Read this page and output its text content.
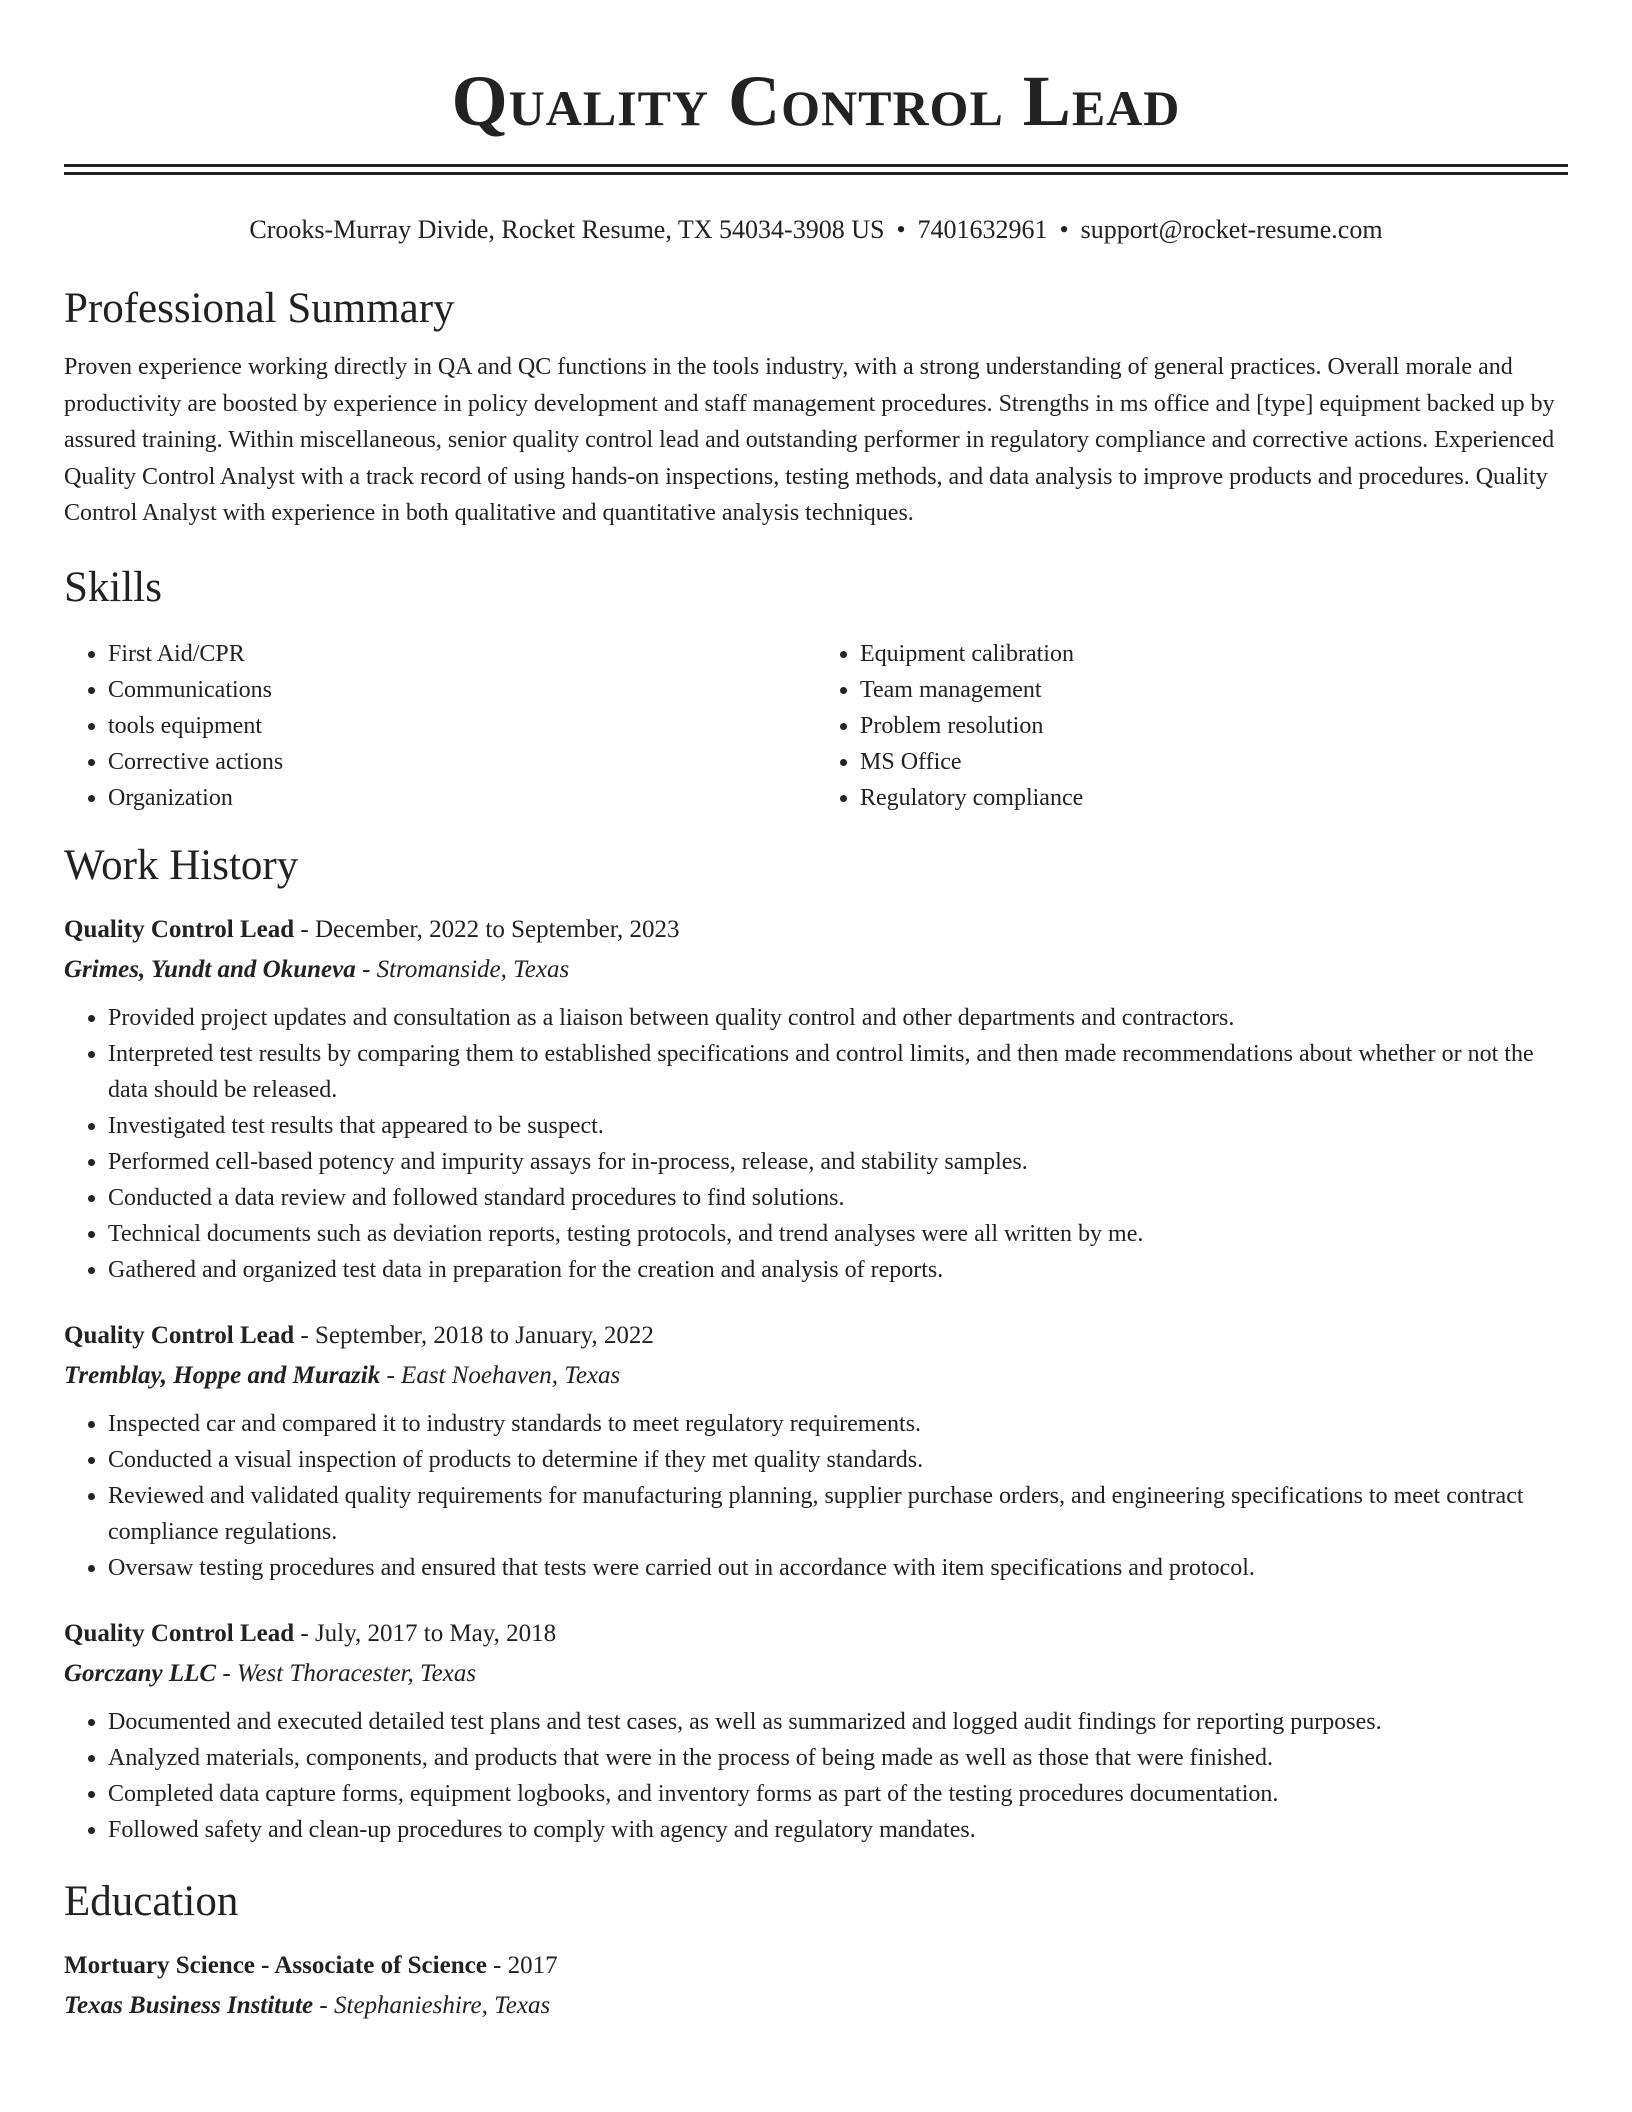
Quality Control Lead
Crooks-Murray Divide, Rocket Resume, TX 54034-3908 US • 7401632961 • support@rocket-resume.com
Professional Summary

Proven experience working directly in QA and QC functions in the tools industry, with a strong understanding of general practices. Overall morale and productivity are boosted by experience in policy development and staff management procedures. Strengths in ms office and [type] equipment backed up by assured training. Within miscellaneous, senior quality control lead and outstanding performer in regulatory compliance and corrective actions. Experienced Quality Control Analyst with a track record of using hands-on inspections, testing methods, and data analysis to improve products and procedures. Quality Control Analyst with experience in both qualitative and quantitative analysis techniques.

Skills
• First Aid/CPR
• Communications
• tools equipment
• Corrective actions
• Organization
• Equipment calibration
• Team management
• Problem resolution
• MS Office
• Regulatory compliance
Work History
Quality Control Lead - December, 2022 to September, 2023
Grimes, Yundt and Okuneva - Stromanside, Texas
• Provided project updates and consultation as a liaison between quality control and other departments and contractors.
• Interpreted test results by comparing them to established specifications and control limits, and then made recommendations about whether or not the data should be released.
• Investigated test results that appeared to be suspect.
• Performed cell-based potency and impurity assays for in-process, release, and stability samples.
• Conducted a data review and followed standard procedures to find solutions.
• Technical documents such as deviation reports, testing protocols, and trend analyses were all written by me.
• Gathered and organized test data in preparation for the creation and analysis of reports.
Quality Control Lead - September, 2018 to January, 2022
Tremblay, Hoppe and Murazik - East Noehaven, Texas
• Inspected car and compared it to industry standards to meet regulatory requirements.
• Conducted a visual inspection of products to determine if they met quality standards.
• Reviewed and validated quality requirements for manufacturing planning, supplier purchase orders, and engineering specifications to meet contract compliance regulations.
• Oversaw testing procedures and ensured that tests were carried out in accordance with item specifications and protocol.
Quality Control Lead - July, 2017 to May, 2018
Gorczany LLC - West Thoracester, Texas
• Documented and executed detailed test plans and test cases, as well as summarized and logged audit findings for reporting purposes.
• Analyzed materials, components, and products that were in the process of being made as well as those that were finished.
• Completed data capture forms, equipment logbooks, and inventory forms as part of the testing procedures documentation.
• Followed safety and clean-up procedures to comply with agency and regulatory mandates.
Education
Mortuary Science - Associate of Science - 2017
Texas Business Institute - Stephanieshire, Texas
